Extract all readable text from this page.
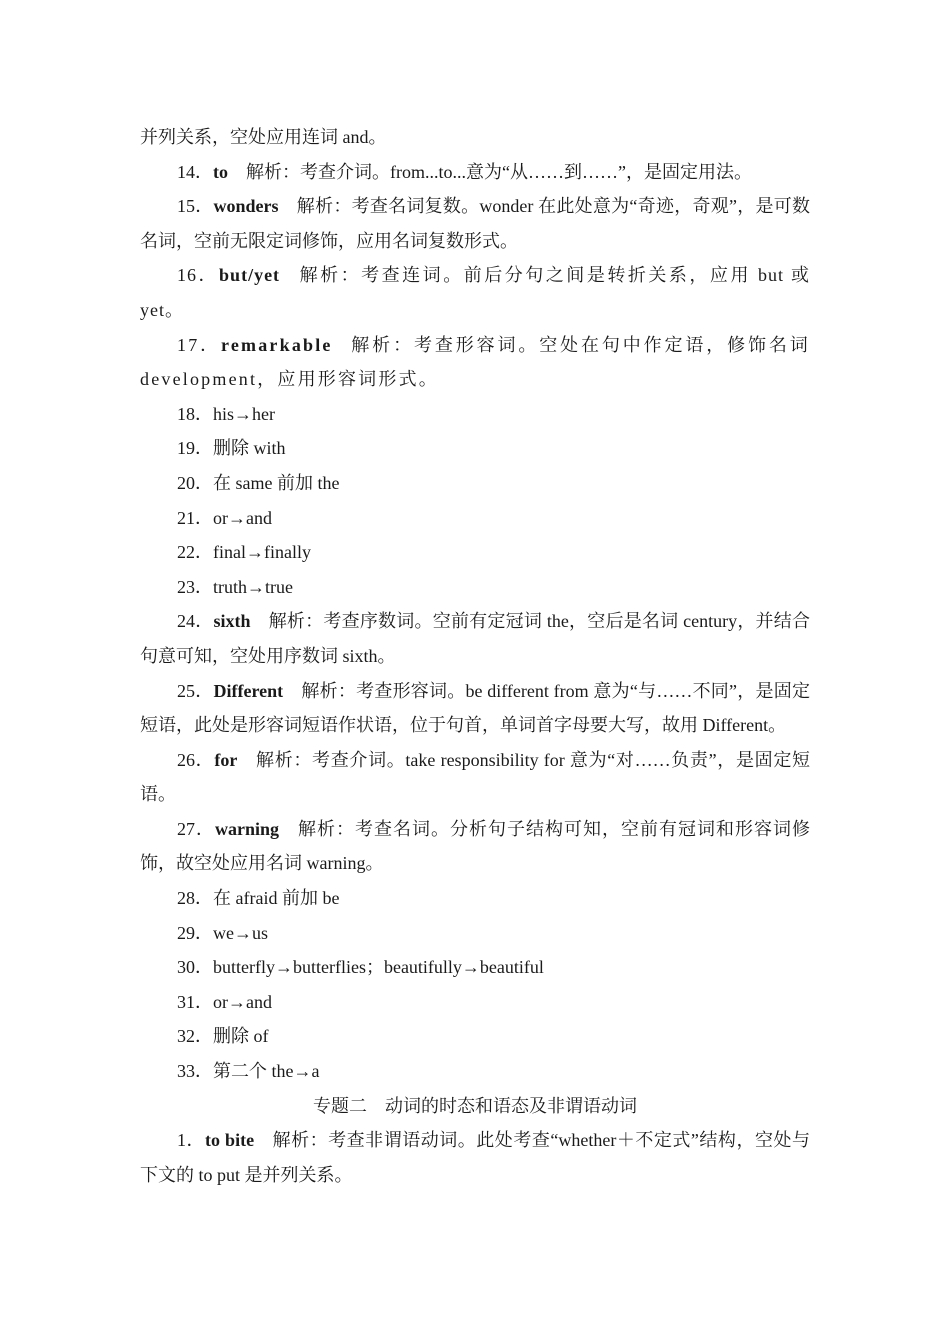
并列关系，空处应用连词 and。

14．to 解析：考查介词。from...to...意为“从……到……”，是固定用法。

15．wonders 解析：考查名词复数。wonder 在此处意为“奇迹，奇观”，是可数名词，空前无限定词修饰，应用名词复数形式。

16．but/yet 解析：考查连词。前后分句之间是转折关系，应用 but 或 yet。

17．remarkable 解析：考查形容词。空处在句中作定语，修饰名词 development，应用形容词形式。

18．his→her

19．删除 with

20．在 same 前加 the

21．or→and

22．final→finally

23．truth→true

24．sixth 解析：考查序数词。空前有定冠词 the，空后是名词 century，并结合句意可知，空处用序数词 sixth。

25．Different 解析：考查形容词。be different from 意为“与……不同”，是固定短语，此处是形容词短语作状语，位于句首，单词首字母要大写，故用 Different。

26．for 解析：考查介词。take responsibility for 意为“对……负责”，是固定短语。

27．warning 解析：考查名词。分析句子结构可知，空前有冠词和形容词修饰，故空处应用名词 warning。

28．在 afraid 前加 be

29．we→us

30．butterfly→butterflies；beautifully→beautiful

31．or→and

32．删除 of

33．第二个 the→a

专题二　动词的时态和语态及非谓语动词

1．to bite 解析：考查非谓语动词。此处考查“whether＋不定式”结构，空处与下文的 to put 是并列关系。
